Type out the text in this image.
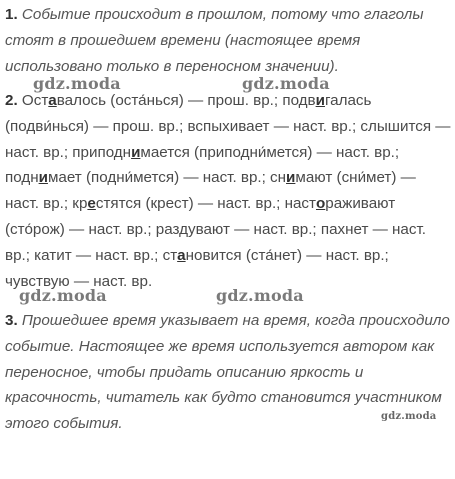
1. Событие происходит в прошлом, потому что глаголы стоят в прошедшем времени (настоящее время использовано только в переносном значении).
2. Оставалось (оста́нься) — прош. вр.; подвигалась (подви́нься) — прош. вр.; вспыхивает — наст. вр.; слышится — наст. вр.; приподнимается (приподни́мется) — наст. вр.; поднимает (подни́мется) — наст. вр.; снимают (сни́мет) — наст. вр.; крестятся (крест) — наст. вр.; настораживают (сто́рож) — наст. вр.; раздувают — наст. вр.; пахнет — наст. вр.; катит — наст. вр.; становится (ста́нет) — наст. вр.; чувствую — наст. вр.
3. Прошедшее время указывает на время, когда происходило событие. Настоящее же время используется автором как переносное, чтобы придать описанию яркость и красочность, читатель как будто становится участником этого события.
gdz.moda	gdz.moda
gdz.moda	gdz.moda
gdz.moda
